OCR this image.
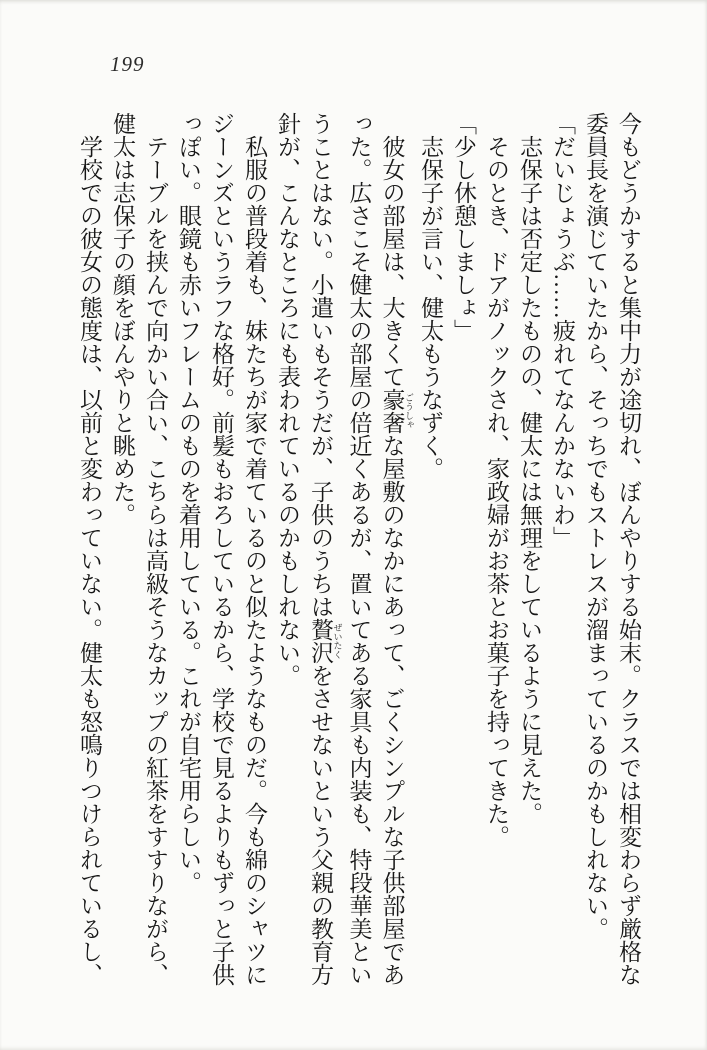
199

今もどうかすると集中力が途切れ、ぼんやりする始末。クラスでは相変わらず厳格な

委員長を演じていたから、そっちでもストレスが溜まっているのかもしれない。

「だいじょうぶ……疲れてなんかないわ」

志保子は否定したものの、健太には無理をしているように見えた。

そのとき、ドアがノックされ、家政婦がお茶とお菓子を持ってきた。

「少し休憩しましょ」

志保子が言い、健太もうなずく。

彼女の部屋は、大きくて豪奢 ごうしゃな屋敷のなかにあって、ごくシンプルな子供部屋であ

った。広さこそ健太の部屋の倍近くあるが、置いてある家具も内装も、特段華美とい

うことはない。小遣いもそうだが、子供のうちは贅沢 ぜいたくをさせないという父親の教育方

針が、こんなところにも表われているのかもしれない。

私服の普段着も、妹たちが家で着ているのと似たようなものだ。今も綿のシャツに

ジーンズというラフな格好。前髪もおろしているから、学校で見るよりもずっと子供

っぽい。眼鏡も赤いフレームのものを着用している。これが自宅用らしい。

テーブルを挟んで向かい合い、こちらは高級そうなカップの紅茶をすすりながら、

健太は志保子の顔をぼんやりと眺めた。

学校での彼女の態度は、以前と変わっていない。健太も怒鳴りつけられているし、
